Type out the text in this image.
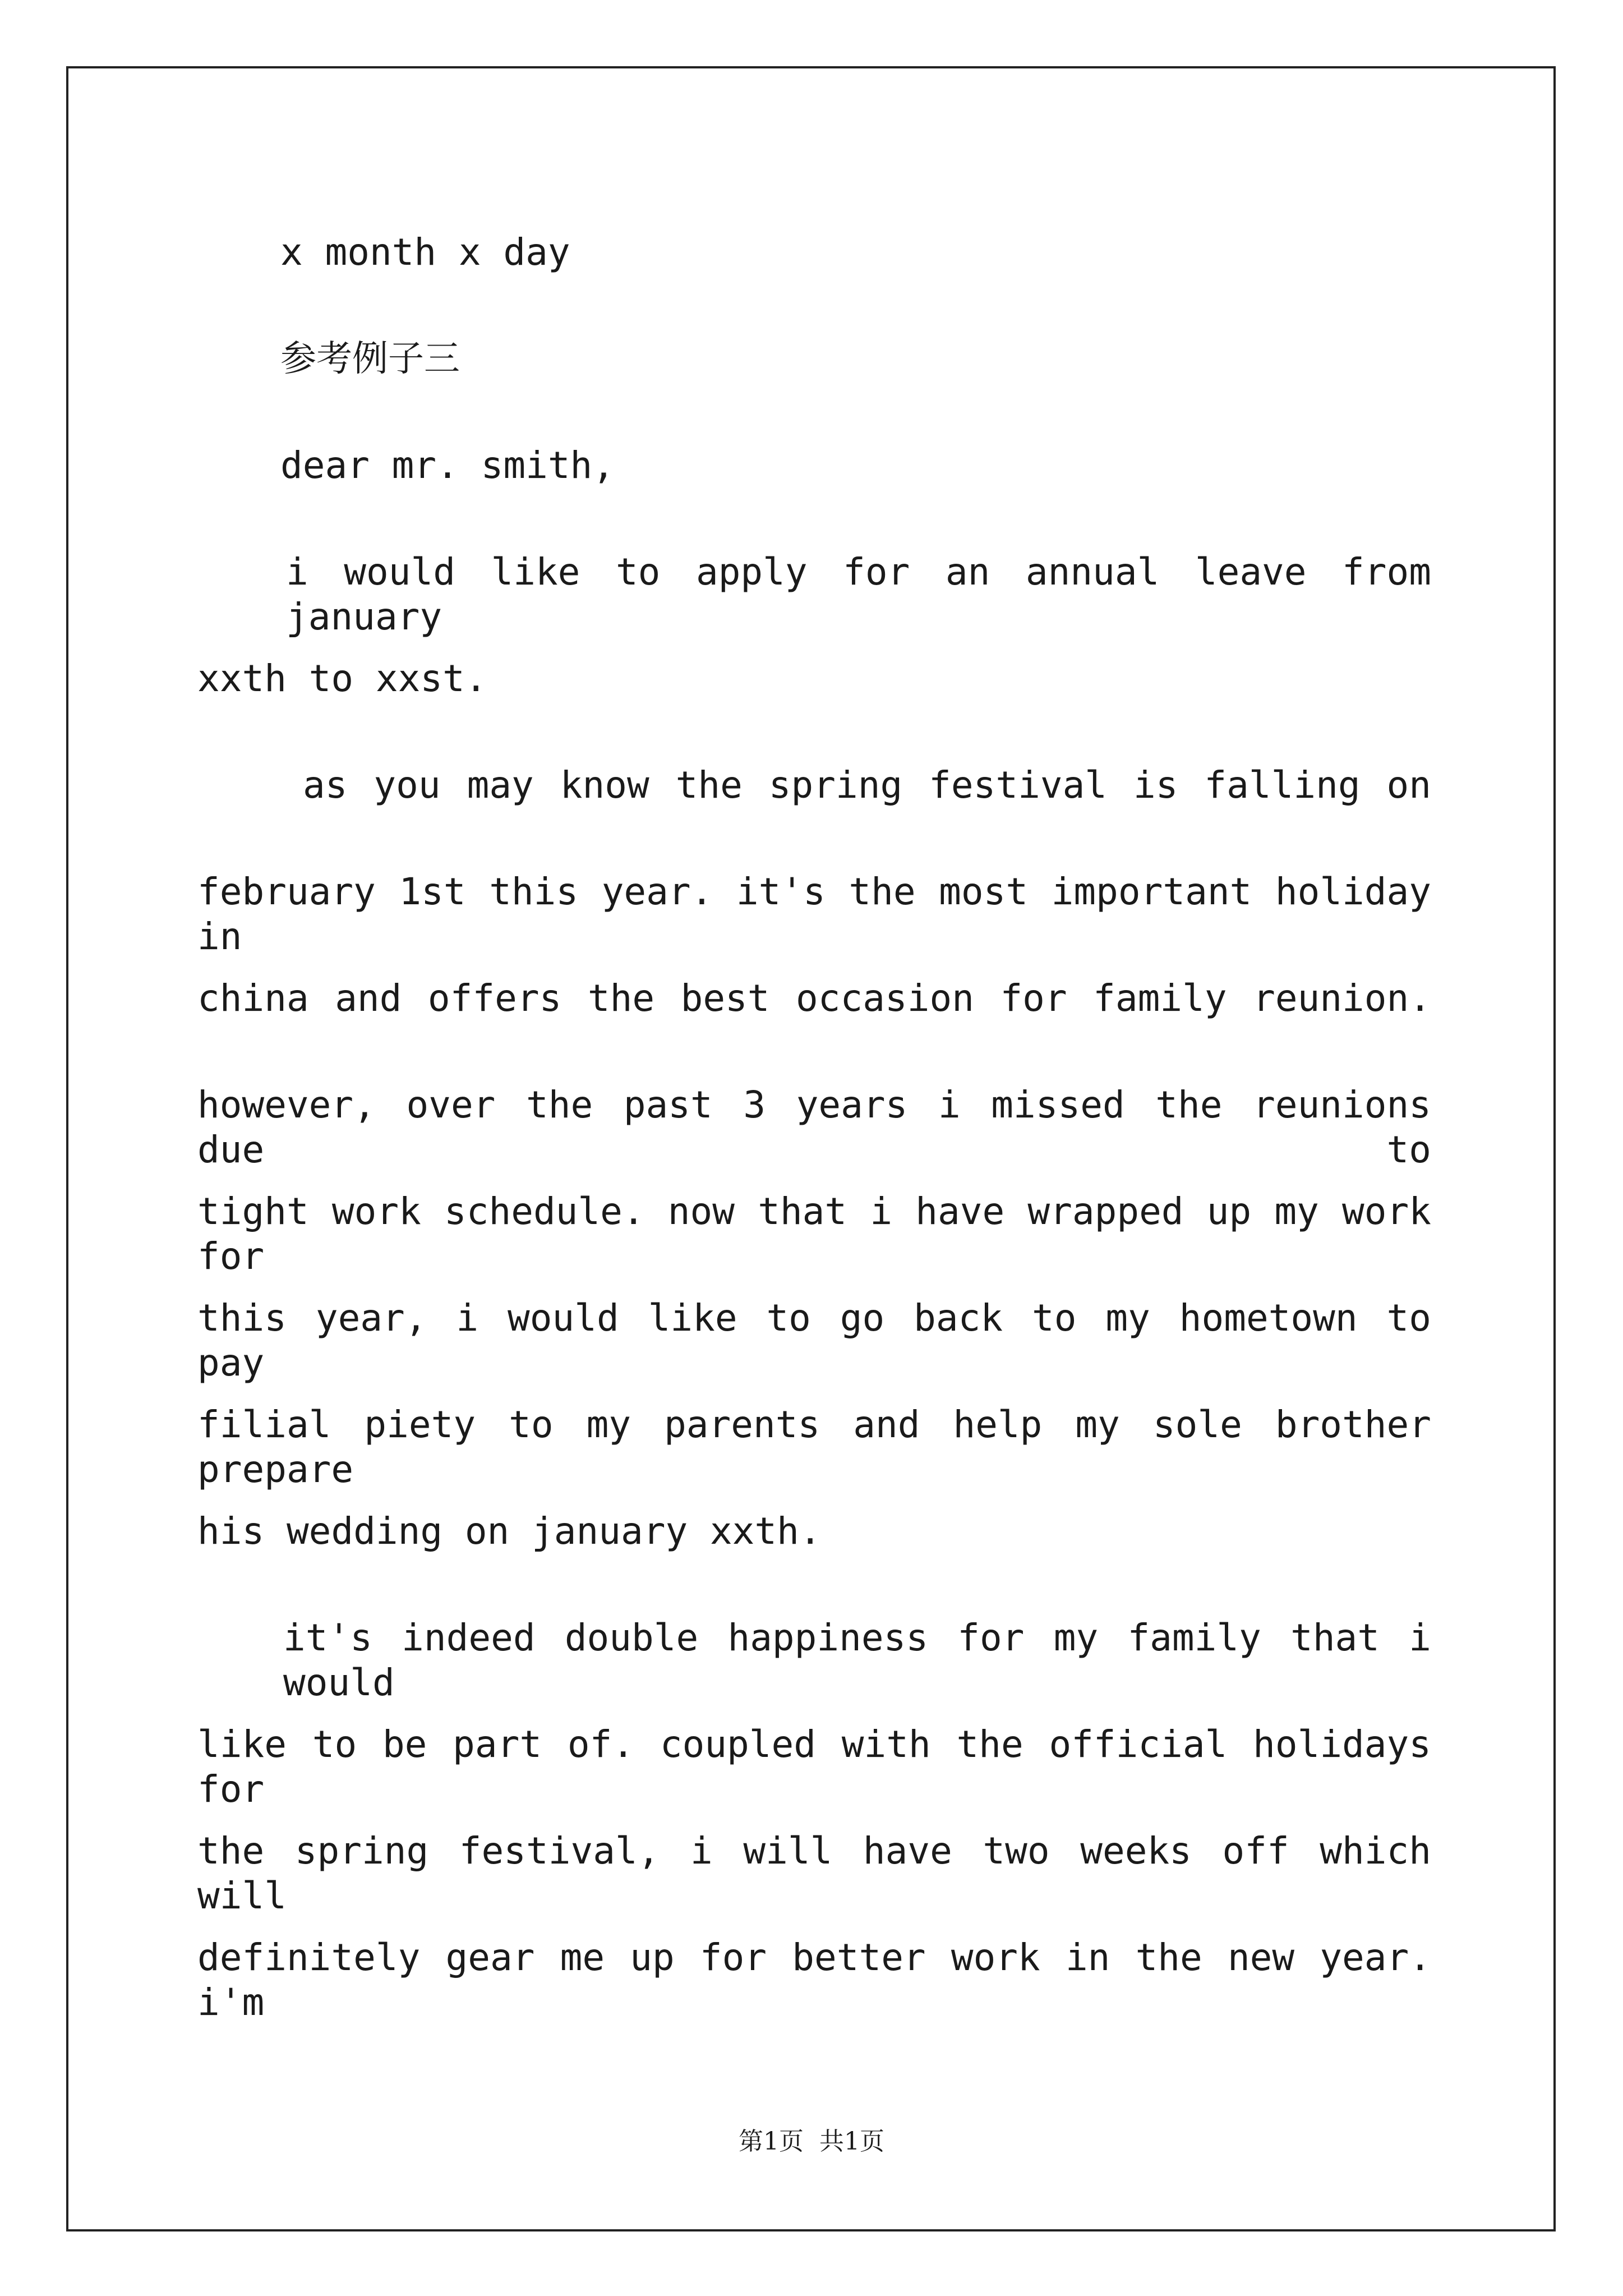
x month x day
参考例子三
dear mr. smith,
i would like to apply for an annual leave from january
xxth to xxst.
as you may know the spring festival is falling on
february 1st this year. it's the most important holiday in
china and offers the best occasion for family reunion.
however, over the past 3 years i missed the reunions due to
tight work schedule. now that i have wrapped up my work for
this year, i would like to go back to my hometown to pay
filial piety to my parents and help my sole brother prepare
his wedding on january xxth.
it's indeed double happiness for my family that i would
like to be part of. coupled with the official holidays for
the spring festival, i will have two weeks off which will
definitely gear me up for better work in the new year. i'm
第1页  共1页
